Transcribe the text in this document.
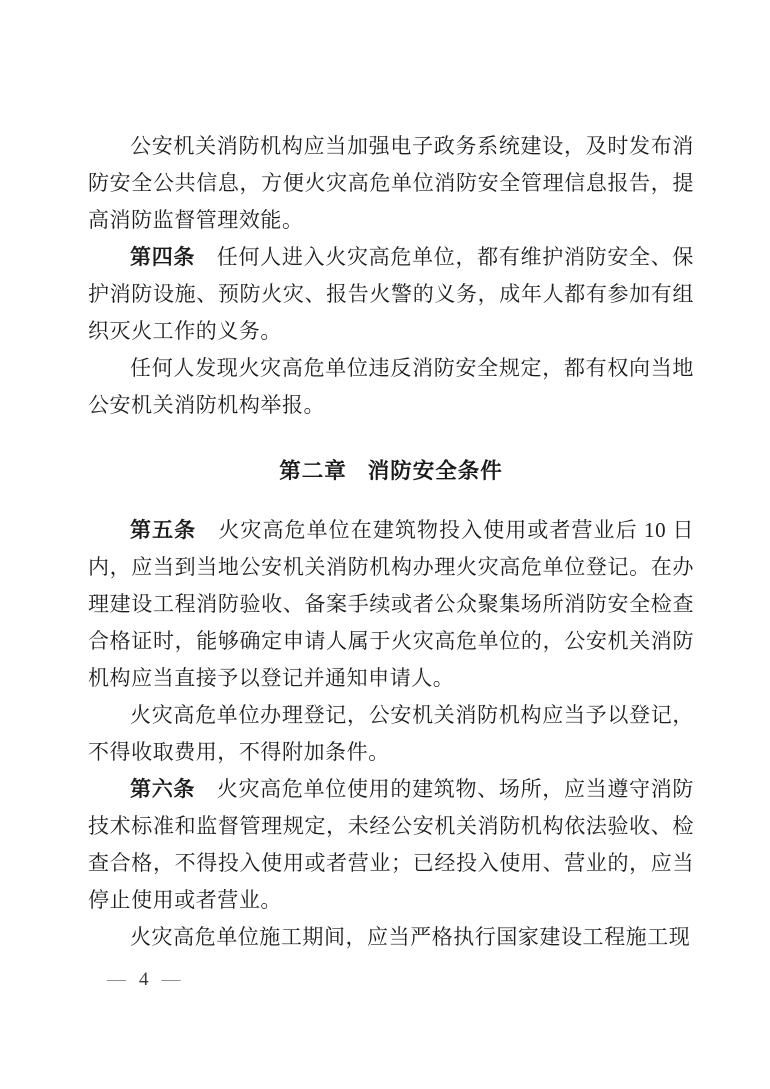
公安机关消防机构应当加强电子政务系统建设，及时发布消防安全公共信息，方便火灾高危单位消防安全管理信息报告，提高消防监督管理效能。

第四条　任何人进入火灾高危单位，都有维护消防安全、保护消防设施、预防火灾、报告火警的义务，成年人都有参加有组织灭火工作的义务。

任何人发现火灾高危单位违反消防安全规定，都有权向当地公安机关消防机构举报。

第二章 消防安全条件

第五条　火灾高危单位在建筑物投入使用或者营业后 10 日内，应当到当地公安机关消防机构办理火灾高危单位登记。在办理建设工程消防验收、备案手续或者公众聚集场所消防安全检查合格证时，能够确定申请人属于火灾高危单位的，公安机关消防机构应当直接予以登记并通知申请人。

火灾高危单位办理登记，公安机关消防机构应当予以登记，不得收取费用，不得附加条件。

第六条　火灾高危单位使用的建筑物、场所，应当遵守消防技术标准和监督管理规定，未经公安机关消防机构依法验收、检查合格，不得投入使用或者营业；已经投入使用、营业的，应当停止使用或者营业。

火灾高危单位施工期间，应当严格执行国家建设工程施工现

— 4 —
